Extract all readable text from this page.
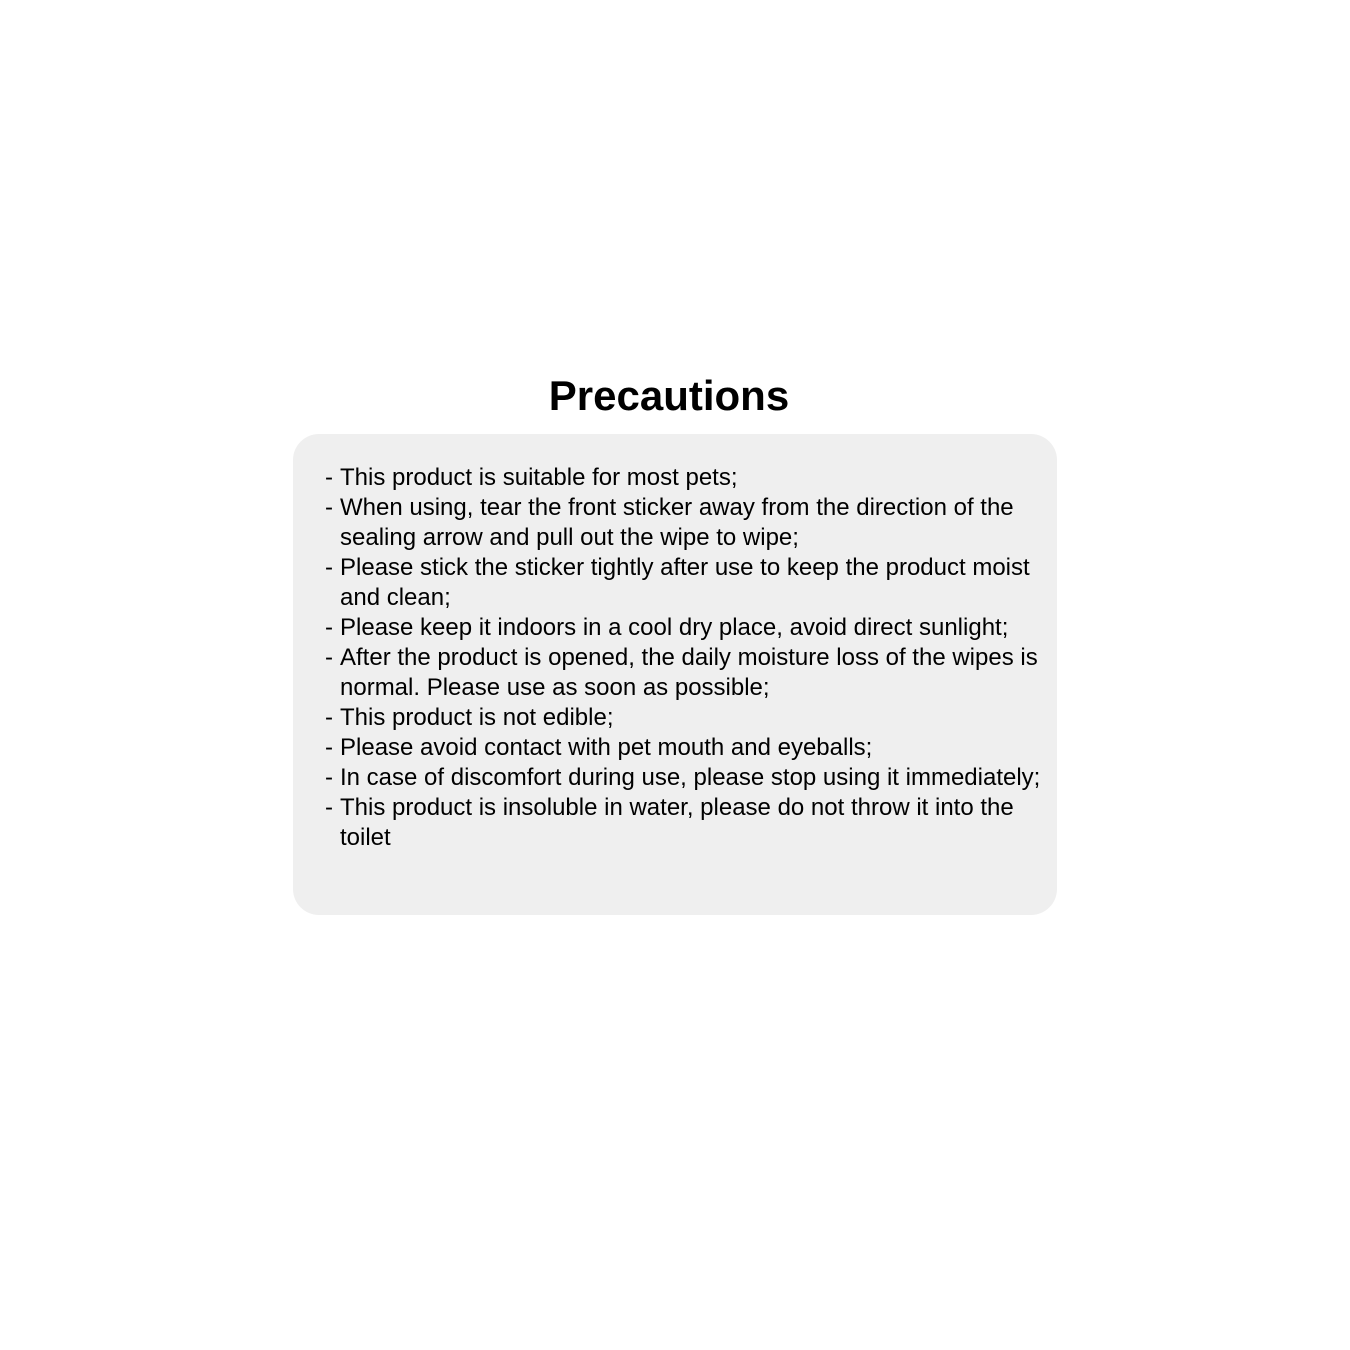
Precautions
- This product is suitable for most pets;
- When using, tear the front sticker away from the direction of the sealing arrow and pull out the wipe to wipe;
- Please stick the sticker tightly after use to keep the product moist and clean;
- Please keep it indoors in a cool dry place, avoid direct sunlight;
- After the product is opened, the daily moisture loss of the wipes is normal. Please use as soon as possible;
- This product is not edible;
- Please avoid contact with pet mouth and eyeballs;
- In case of discomfort during use, please stop using it immediately;
- This product is insoluble in water, please do not throw it into the toilet
